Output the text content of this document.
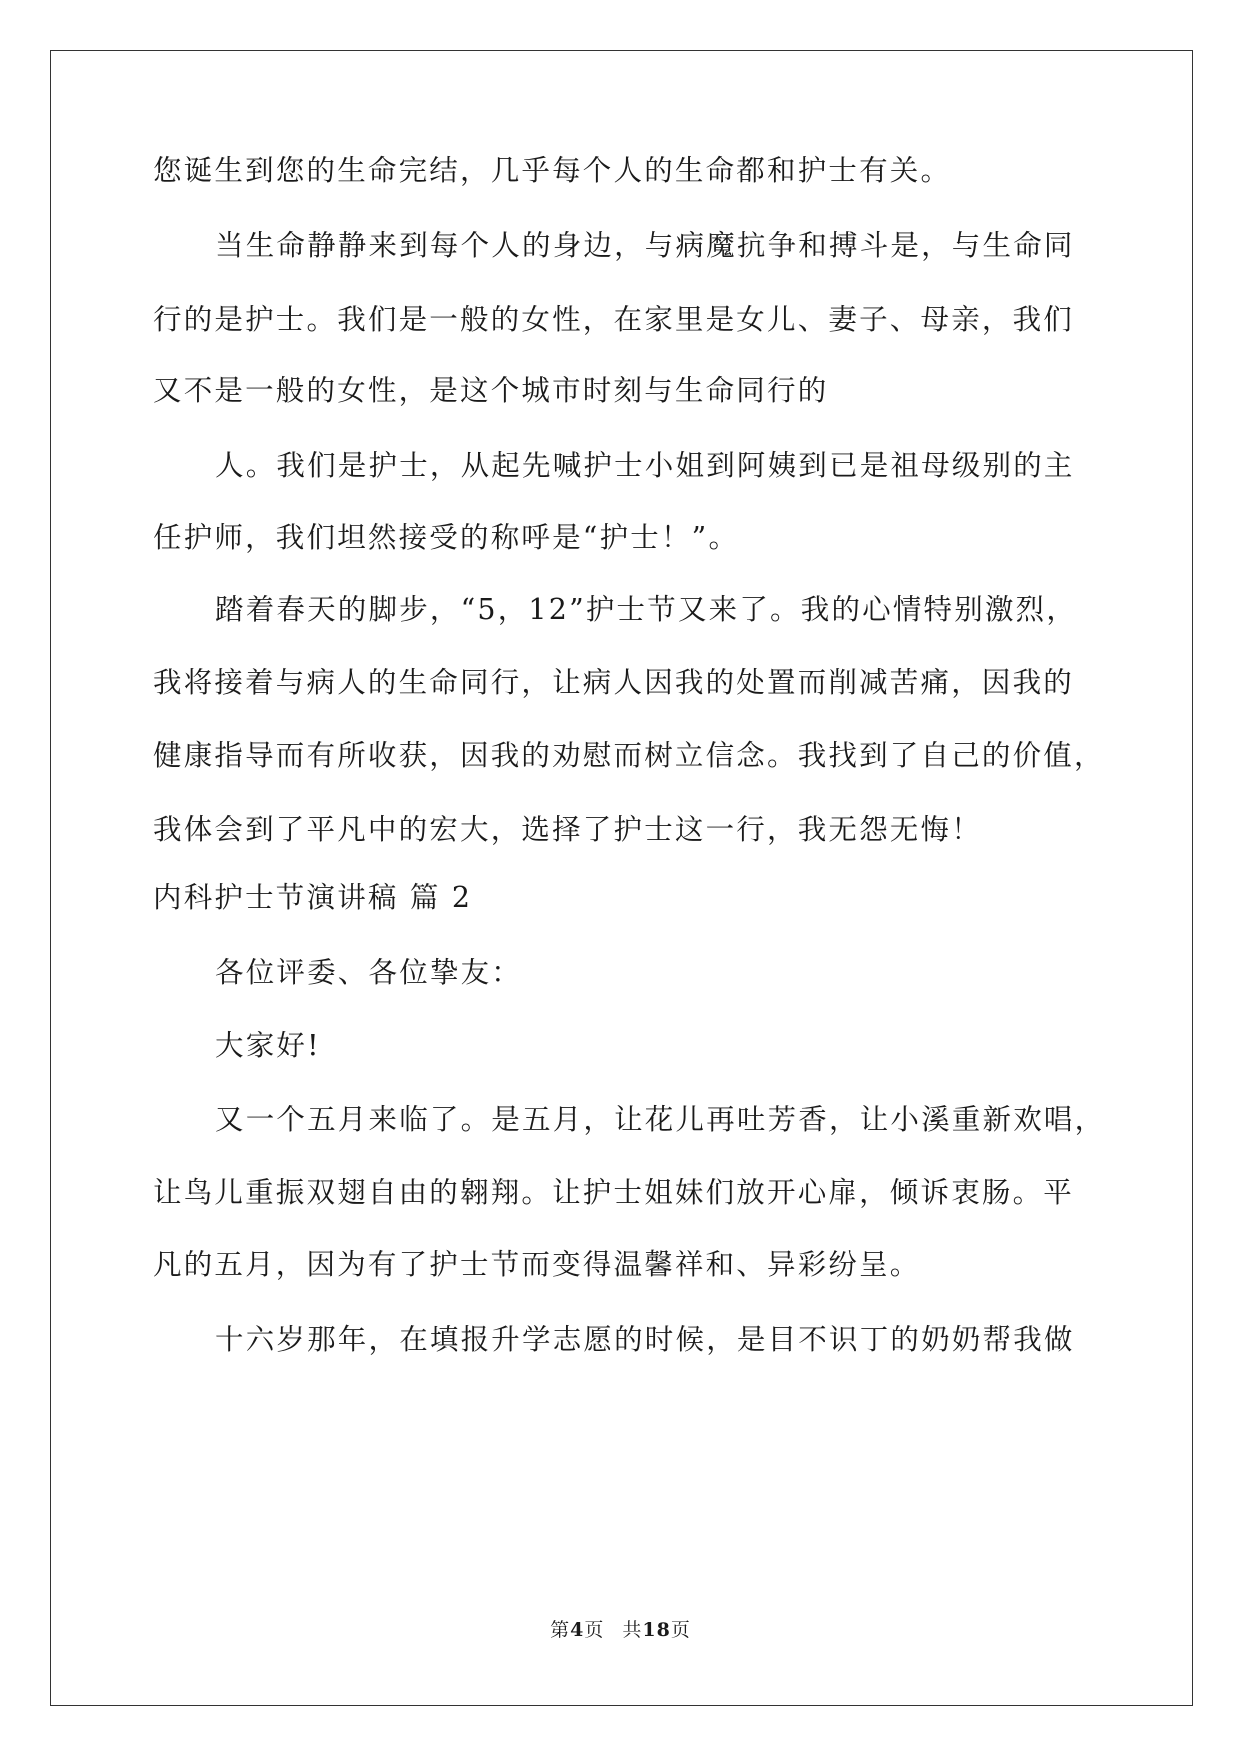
您诞生到您的生命完结，几乎每个人的生命都和护士有关。

当生命静静来到每个人的身边，与病魔抗争和搏斗是，与生命同

行的是护士。我们是一般的女性，在家里是女儿、妻子、母亲，我们

又不是一般的女性，是这个城市时刻与生命同行的

人。我们是护士，从起先喊护士小姐到阿姨到已是祖母级别的主

任护师，我们坦然接受的称呼是“护士！”。

踏着春天的脚步，“5，12”护士节又来了。我的心情特别激烈，

我将接着与病人的生命同行，让病人因我的处置而削减苦痛，因我的

健康指导而有所收获，因我的劝慰而树立信念。我找到了自己的价值，

我体会到了平凡中的宏大，选择了护士这一行，我无怨无悔！

内科护士节演讲稿 篇 2

各位评委、各位挚友：

大家好!

又一个五月来临了。是五月，让花儿再吐芳香，让小溪重新欢唱，

让鸟儿重振双翅自由的翱翔。让护士姐妹们放开心扉，倾诉衷肠。平

凡的五月，因为有了护士节而变得温馨祥和、异彩纷呈。

十六岁那年，在填报升学志愿的时候，是目不识丁的奶奶帮我做

第4页 共18页
